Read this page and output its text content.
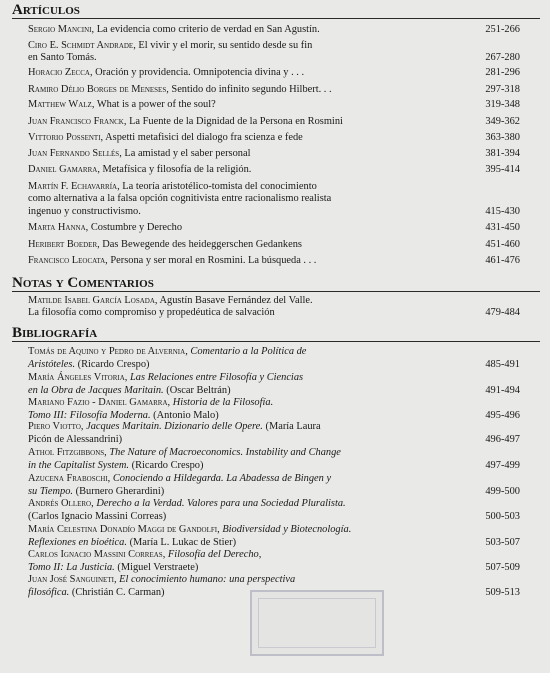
Artículos
Sergio Mancini, La evidencia como criterio de verdad en San Agustín.	251-266
Ciro E. Schmidt Andrade, El vivir y el morir, su sentido desde su fin
en Santo Tomás.	267-280
Horacio Zecca, Oración y providencia. Omnipotencia divina y . . .	281-296
Ramiro Délio Borges de Meneses, Sentido do infinito segundo Hilbert. . .	297-318
Matthew Walz, What is a power of the soul?	319-348
Juan Francisco Franck, La Fuente de la Dignidad de la Persona en Rosmini	349-362
Vittorio Possenti, Aspetti metafisici del dialogo fra scienza e fede	363-380
Juan Fernando Sellés, La amistad y el saber personal	381-394
Daniel Gamarra, Metafísica y filosofía de la religión.	395-414
Martín F. Echavarría, La teoría aristotélico-tomista del conocimiento
como alternativa a la falsa opción cognitivista entre racionalismo realista
ingenuo y constructivismo.	415-430
Marta Hanna, Costumbre y Derecho	431-450
Heribert Boeder, Das Bewegende des heideggerschen Gedankens	451-460
Francisco Leocata, Persona y ser moral en Rosmini. La búsqueda . . .	461-476
Notas y Comentarios
Matilde Isabel García Losada, Agustín Basave Fernández del Valle.
La filosofía como compromiso y propedéutica de salvación	479-484
Bibliografía
Tomás de Aquino y Pedro de Alvernia, Comentario a la Política de
Aristóteles. (Ricardo Crespo)	485-491
María Ángeles Vitoria, Las Relaciones entre Filosofía y Ciencias
en la Obra de Jacques Maritain. (Oscar Beltrán)	491-494
Mariano Fazio - Daniel Gamarra, Historia de la Filosofía.
Tomo III: Filosofía Moderna. (Antonio Malo)	495-496
Piero Viotto, Jacques Maritain. Dizionario delle Opere. (María Laura
Picón de Alessandrini)	496-497
Athol Fitzgibbons, The Nature of Macroeconomics. Instability and Change
in the Capitalist System. (Ricardo Crespo)	497-499
Azucena Fraboschi, Conociendo a Hildegarda. La Abadessa de Bingen y
su Tiempo. (Burnero Gherardini)	499-500
Andrés Ollero, Derecho a la Verdad. Valores para una Sociedad Pluralista.
(Carlos Ignacio Massini Correas)	500-503
María Celestina Donadío Maggi de Gandolfi, Biodiversidad y Biotecnología.
Reflexiones en bioética. (María L. Lukac de Stier)	503-507
Carlos Ignacio Massini Correas, Filosofía del Derecho,
Tomo II: La Justicia. (Miguel Verstraete)	507-509
Juan José Sanguineti, El conocimiento humano: una perspectiva
filosófica. (Christián C. Carman)	509-513
